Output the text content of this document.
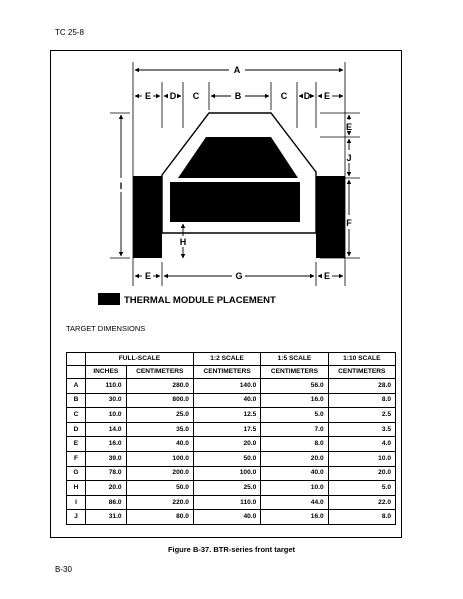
TC 25-8
A
E D C	B	C D E
I
E
J
F
H
E	G	E
THERMAL MODULE PLACEMENT
TARGET DIMENSIONS
	FULL-SCALE		1:2 SCALE	1:5 SCALE	1:10 SCALE
	INCHES	CENTIMETERS	CENTIMETERS	CENTIMETERS	CENTIMETERS
A	110.0	280.0	140.0	56.0	28.0
B	30.0	800.0	40.0	16.0	8.0
C	10.0	25.0	12.5	5.0	2.5
D	14.0	35.0	17.5	7.0	3.5
E	16.0	40.0	20.0	8.0	4.0
F	39.0	100.0	50.0	20.0	10.0
G	78.0	200.0	100.0	40.0	20.0
H	20.0	50.0	25.0	10.0	5.0
I	86.0	220.0	110.0	44.0	22.0
J	31.0	80.0	40.0	16.0	8.0
Figure B-37. BTR-series front target
B-30
